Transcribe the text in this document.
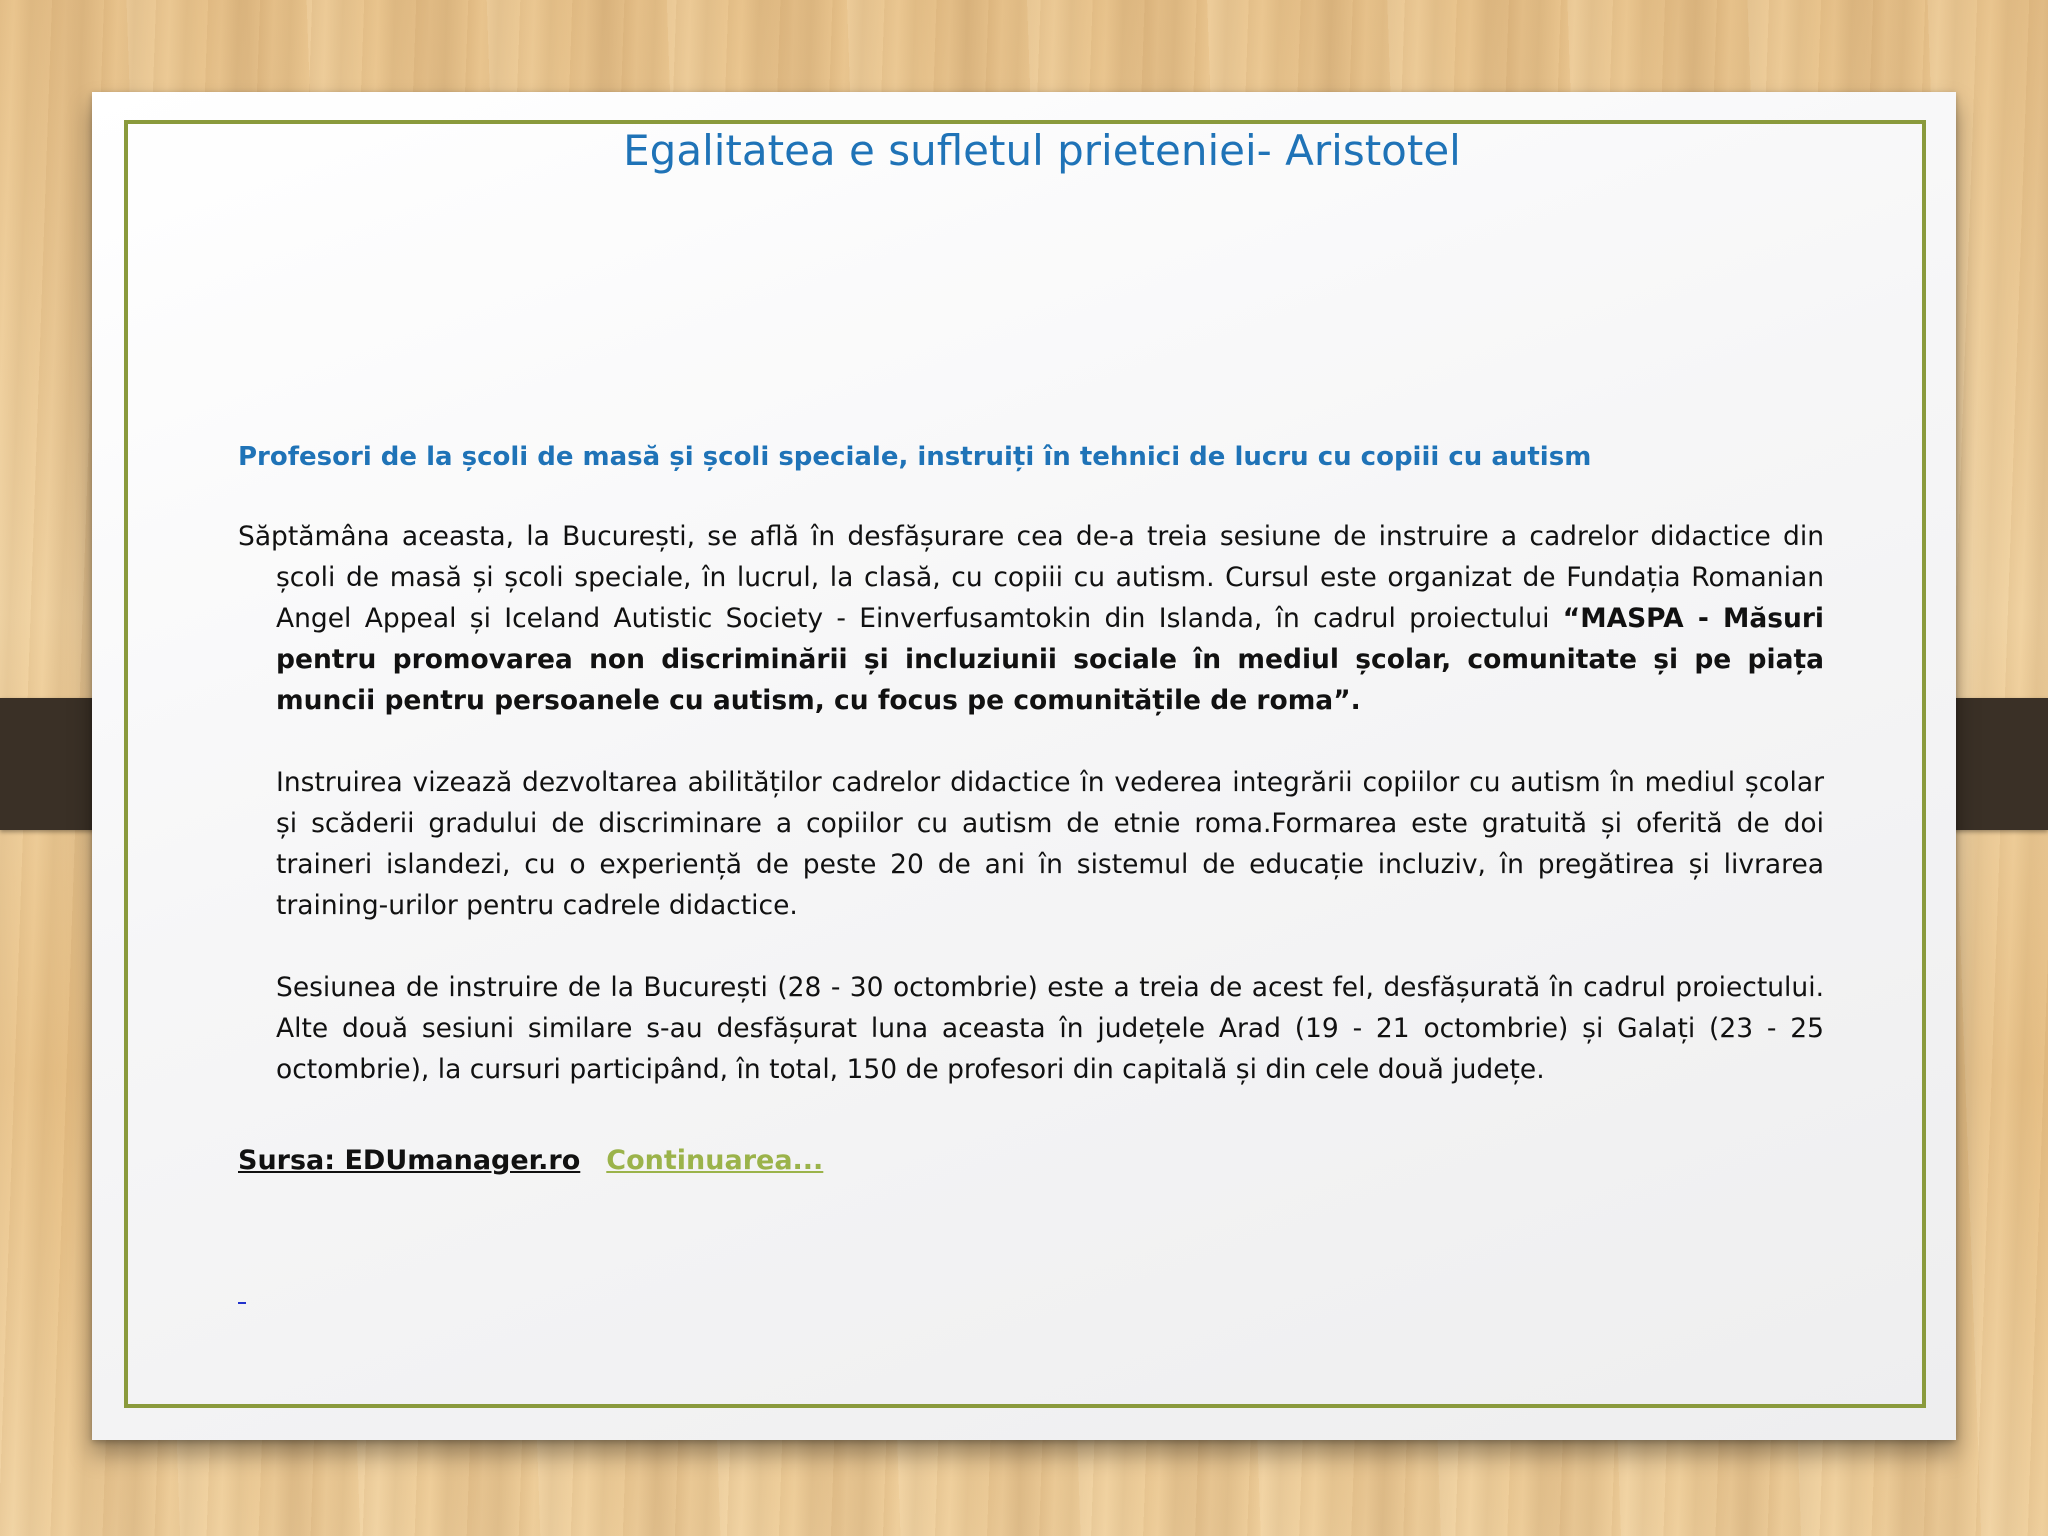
Egalitatea e sufletul prieteniei- Aristotel

Profesori de la școli de masă și școli speciale, instruiți în tehnici de lucru cu copiii cu autism

Săptămâna aceasta, la București, se află în desfășurare cea de-a treia sesiune de instruire a cadrelor didactice din școli de masă și școli speciale, în lucrul, la clasă, cu copiii cu autism. Cursul este organizat de Fundația Romanian Angel Appeal și Iceland Autistic Society - Einverfusamtokin din Islanda, în cadrul proiectului “MASPA - Măsuri pentru promovarea non discriminării și incluziunii sociale în mediul școlar, comunitate și pe piața muncii pentru persoanele cu autism, cu focus pe comunitățile de roma”.

Instruirea vizează dezvoltarea abilităților cadrelor didactice în vederea integrării copiilor cu autism în mediul școlar și scăderii gradului de discriminare a copiilor cu autism de etnie roma.Formarea este gratuită și oferită de doi traineri islandezi, cu o experiență de peste 20 de ani în sistemul de educație incluziv, în pregătirea și livrarea training-urilor pentru cadrele didactice.

Sesiunea de instruire de la București (28 - 30 octombrie) este a treia de acest fel, desfășurată în cadrul proiectului. Alte două sesiuni similare s-au desfășurat luna aceasta în județele Arad (19 - 21 octombrie) și Galați (23 - 25 octombrie), la cursuri participând, în total, 150 de profesori din capitală și din cele două județe.

Sursa: EDUmanager.ro Continuarea...
